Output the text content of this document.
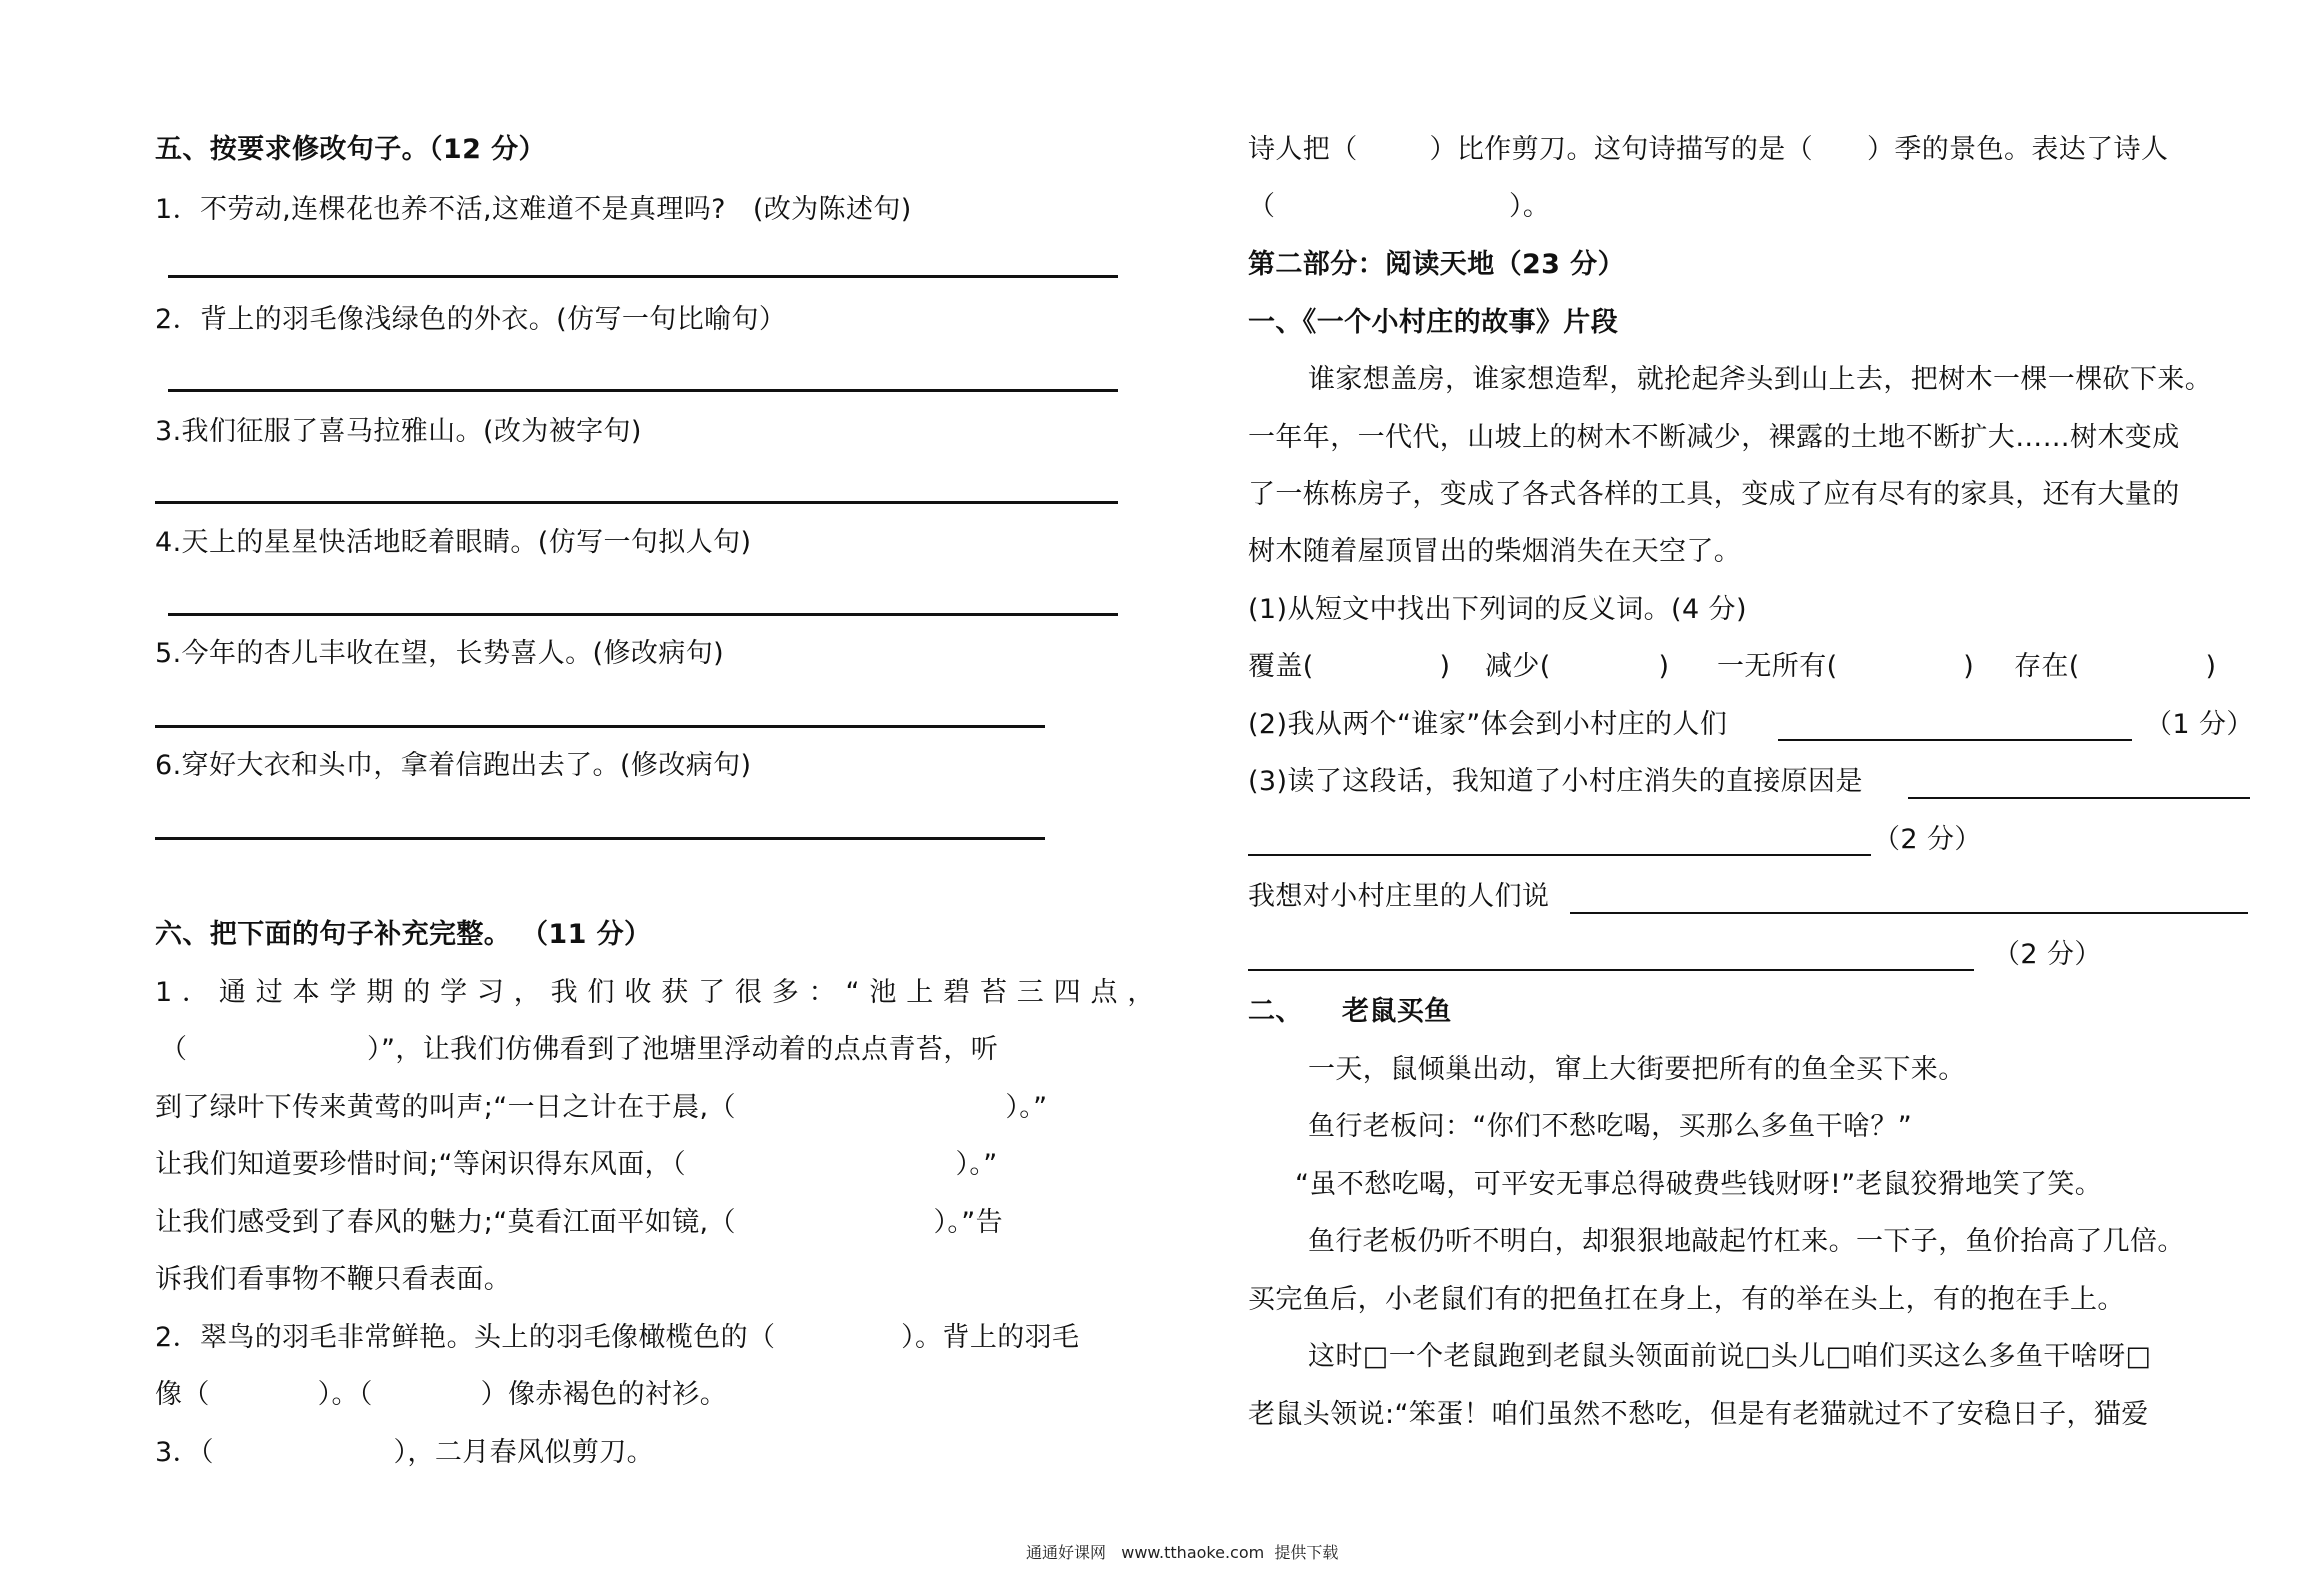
五、按要求修改句子。（12 分）
1．不劳动,连棵花也养不活,这难道不是真理吗?   (改为陈述句)
2．背上的羽毛像浅绿色的外衣。(仿写一句比喻句）
3.我们征服了喜马拉雅山。(改为被字句)
4.天上的星星快活地眨着眼睛。(仿写一句拟人句)
5.今年的杏儿丰收在望，长势喜人。(修改病句)
6.穿好大衣和头巾，拿着信跑出去了。(修改病句)
六、把下面的句子补充完整。 （11 分）
1 ． 通 过 本 学 期 的 学 习 ， 我 们 收 获 了 很 多 ： “ 池 上 碧 苔 三 四 点 ，
（                    ）”，让我们仿佛看到了池塘里浮动着的点点青苔，听
到了绿叶下传来黄莺的叫声;“一日之计在于晨,（                              ）。”
让我们知道要珍惜时间;“等闲识得东风面，（                              ）。”
让我们感受到了春风的魅力;“莫看江面平如镜,（                      ）。”告
诉我们看事物不鞭只看表面。
2．翠鸟的羽毛非常鲜艳。头上的羽毛像橄榄色的（              ）。背上的羽毛
像（            ）。（            ）像赤褐色的衬衫。
3．（                    ），二月春风似剪刀。
诗人把（        ）比作剪刀。这句诗描写的是（      ）季的景色。表达了诗人
（                          ）。
第二部分：阅读天地（23 分）
一、《一个小村庄的故事》片段
谁家想盖房，谁家想造犁，就抡起斧头到山上去，把树木一棵一棵砍下来。
一年年，一代代，山坡上的树木不断减少，裸露的土地不断扩大……树木变成
了一栋栋房子，变成了各式各样的工具，变成了应有尽有的家具，还有大量的
树木随着屋顶冒出的柴烟消失在天空了。
(1)从短文中找出下列词的反义词。(4 分)
覆盖(              ) 减少(            ) 一无所有(              ) 存在(              )
(2)我从两个“谁家”体会到小村庄的人们	（1 分）
(3)读了这段话，我知道了小村庄消失的直接原因是
（2 分）
我想对小村庄里的人们说
（2 分）
二、    老鼠买鱼
一天，鼠倾巢出动，窜上大街要把所有的鱼全买下来。
鱼行老板问：“你们不愁吃喝，买那么多鱼干啥？”
“虽不愁吃喝，可平安无事总得破费些钱财呀!”老鼠狡猾地笑了笑。
鱼行老板仍听不明白，却狠狠地敲起竹杠来。一下子，鱼价抬高了几倍。
买完鱼后，小老鼠们有的把鱼扛在身上，有的举在头上，有的抱在手上。
这时□一个老鼠跑到老鼠头领面前说□头儿□咱们买这么多鱼干啥呀□
老鼠头领说:“笨蛋！咱们虽然不愁吃，但是有老猫就过不了安稳日子，猫爱
通通好课网   www.tthaoke.com  提供下载
